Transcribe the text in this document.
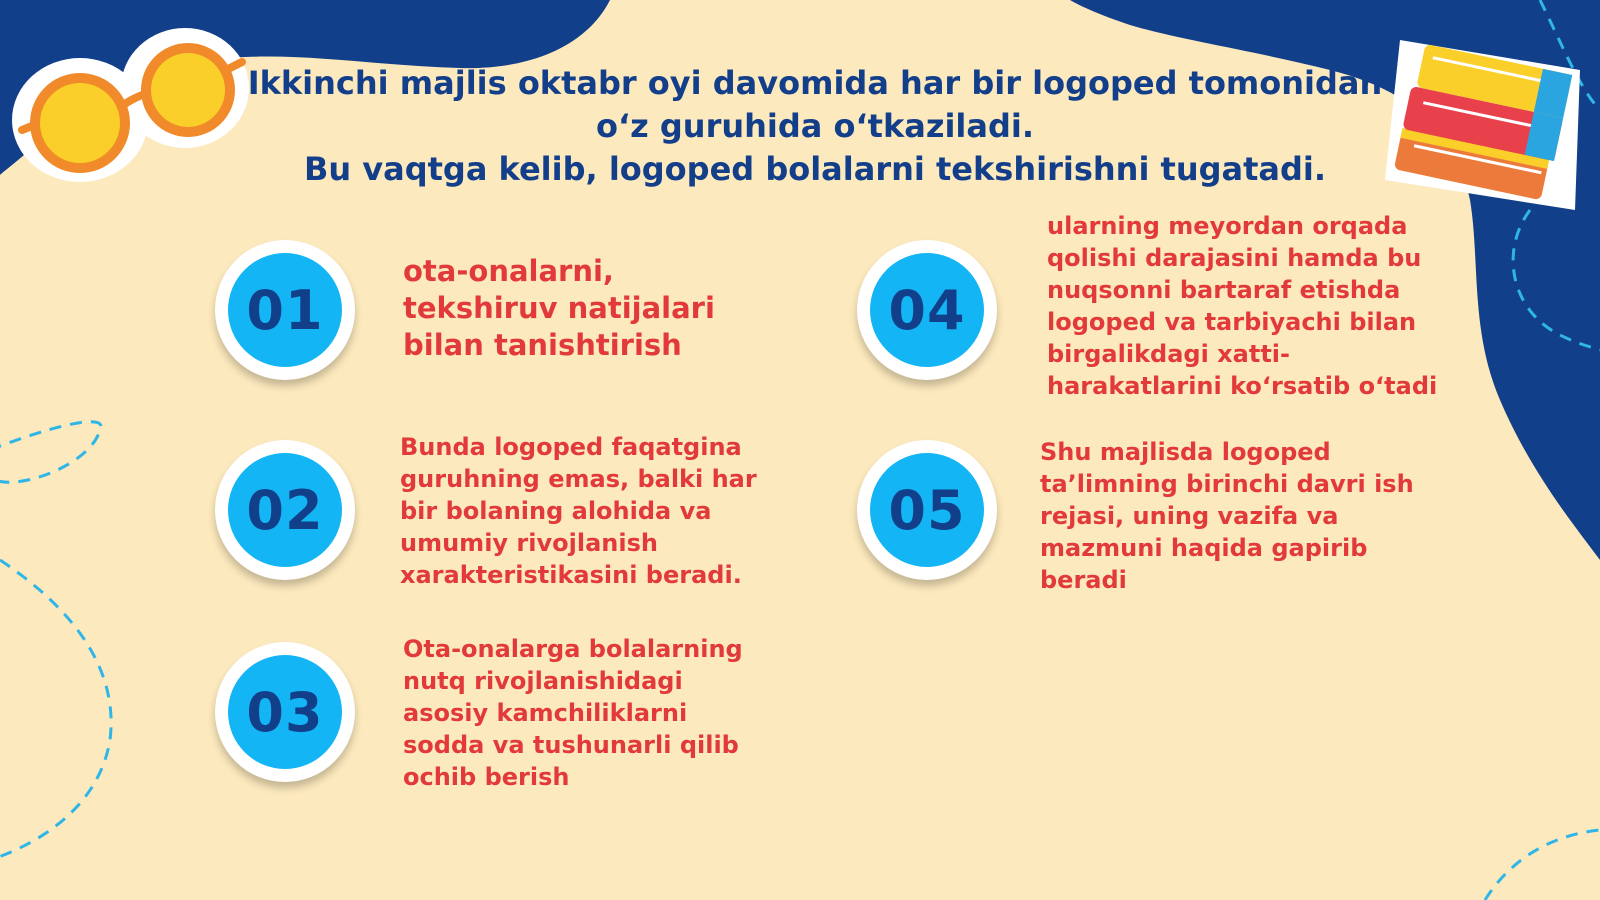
Ikkinchi majlis oktabr oyi davomida har bir logoped tomonidan
o‘z guruhida o‘tkaziladi.
Bu vaqtga kelib, logoped bolalarni tekshirishni tugatadi.
01
ota-onalarni, tekshiruv natijalari bilan tanishtirish
02
Bunda logoped faqatgina guruhning emas, balki har bir bolaning alohida va umumiy rivojlanish xarakteristikasini beradi.
03
Ota-onalarga bolalarning nutq rivojlanishidagi asosiy kamchiliklarni sodda va tushunarli qilib ochib berish
04
ularning meyordan orqada qolishi darajasini hamda bu nuqsonni bartaraf etishda logoped va tarbiyachi bilan birgalikdagi xatti-harakatlarini ko‘rsatib o‘tadi
05
Shu majlisda logoped ta’limning birinchi davri ish rejasi, uning vazifa va mazmuni haqida gapirib beradi
